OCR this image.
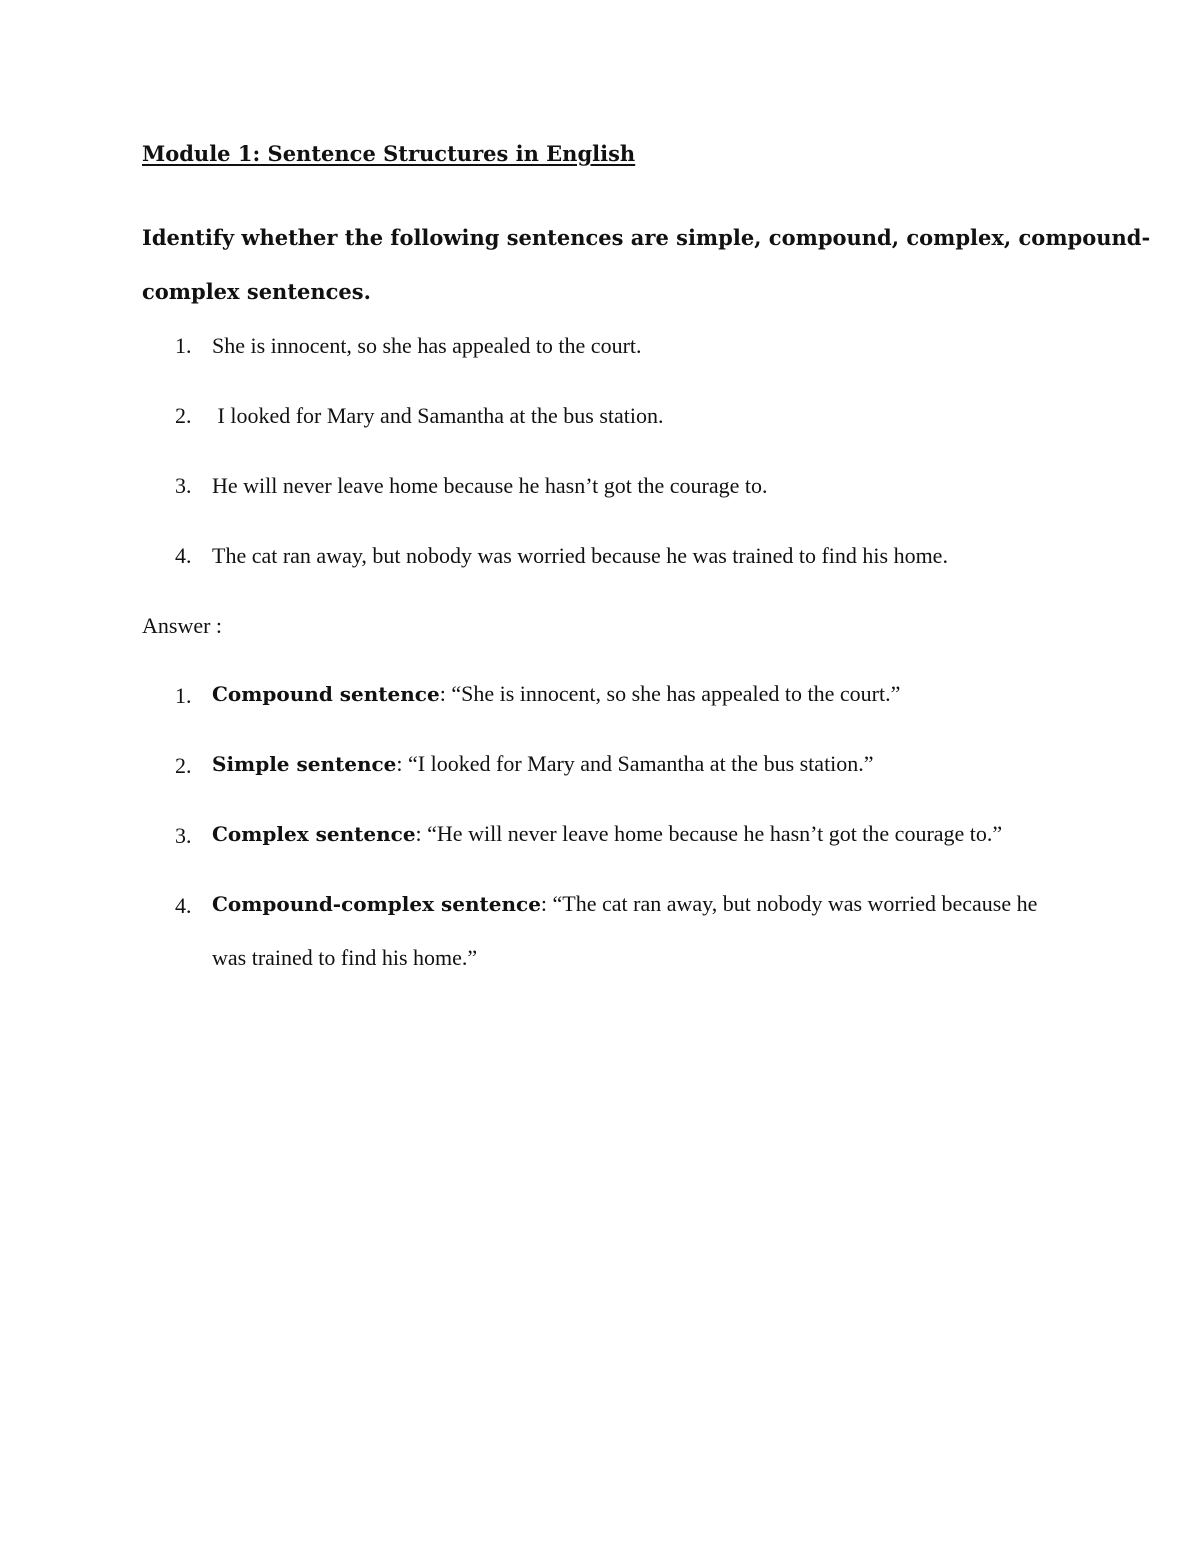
Module 1: Sentence Structures in English

Identify whether the following sentences are simple, compound, complex, compound-
complex sentences.

1. She is innocent, so she has appealed to the court.
2. I looked for Mary and Samantha at the bus station.
3. He will never leave home because he hasn’t got the courage to.
4. The cat ran away, but nobody was worried because he was trained to find his home.

Answer :

1. Compound sentence: “She is innocent, so she has appealed to the court.”
2. Simple sentence: “I looked for Mary and Samantha at the bus station.”
3. Complex sentence: “He will never leave home because he hasn’t got the courage to.”
4. Compound-complex sentence: “The cat ran away, but nobody was worried because he was trained to find his home.”
